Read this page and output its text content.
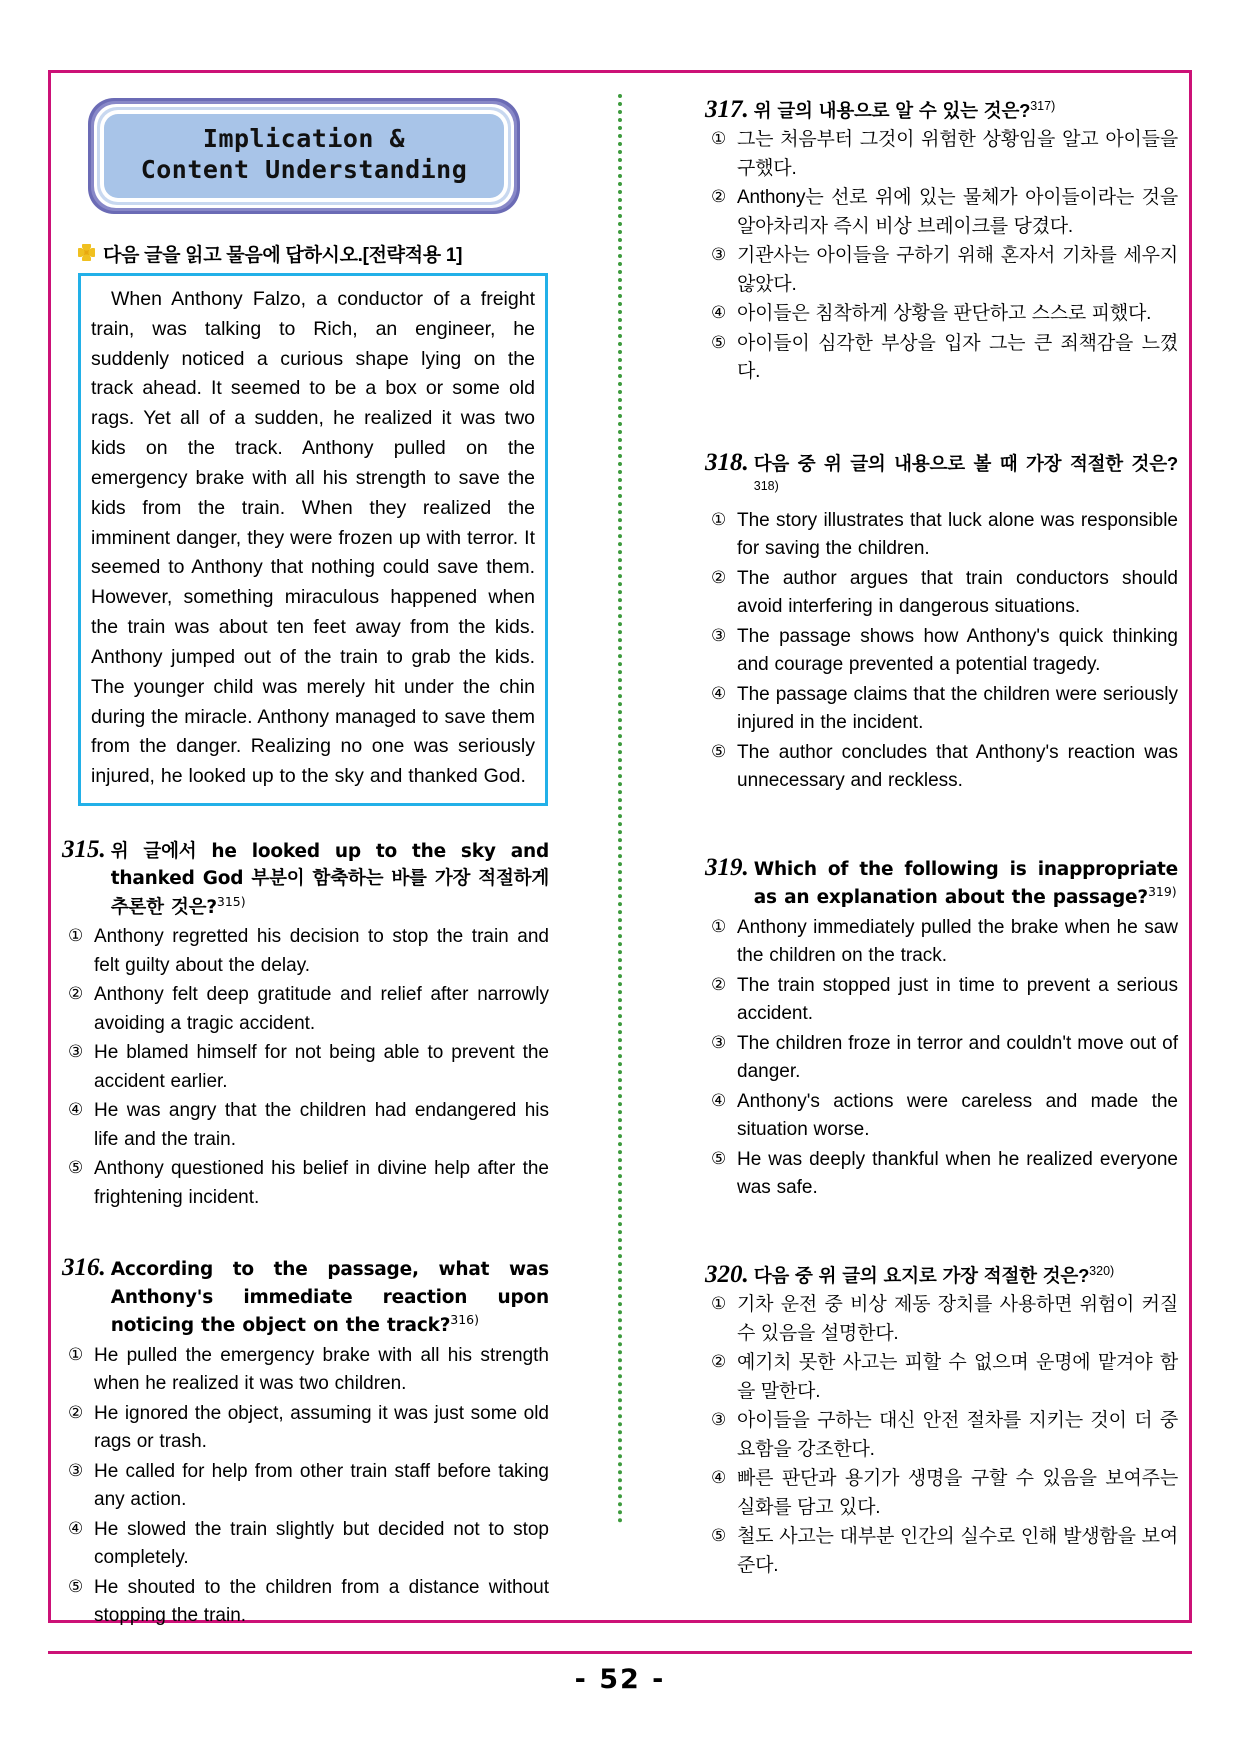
Implication &
Content Understanding
다음 글을 읽고 물음에 답하시오.[전략적용 1]
When Anthony Falzo, a conductor of a freight train, was talking to Rich, an engineer, he suddenly noticed a curious shape lying on the track ahead. It seemed to be a box or some old rags. Yet all of a sudden, he realized it was two kids on the track. Anthony pulled on the emergency brake with all his strength to save the kids from the train. When they realized the imminent danger, they were frozen up with terror. It seemed to Anthony that nothing could save them. However, something miraculous happened when the train was about ten feet away from the kids. Anthony jumped out of the train to grab the kids. The younger child was merely hit under the chin during the miracle. Anthony managed to save them from the danger. Realizing no one was seriously injured, he looked up to the sky and thanked God.
315. 위 글에서 he looked up to the sky and thanked God 부분이 함축하는 바를 가장 적절하게 추론한 것은?$^{315)}$
① Anthony regretted his decision to stop the train and felt guilty about the delay.
② Anthony felt deep gratitude and relief after narrowly avoiding a tragic accident.
③ He blamed himself for not being able to prevent the accident earlier.
④ He was angry that the children had endangered his life and the train.
⑤ Anthony questioned his belief in divine help after the frightening incident.
316. According to the passage, what was Anthony's immediate reaction upon noticing the object on the track?$^{316)}$
① He pulled the emergency brake with all his strength when he realized it was two children.
② He ignored the object, assuming it was just some old rags or trash.
③ He called for help from other train staff before taking any action.
④ He slowed the train slightly but decided not to stop completely.
⑤ He shouted to the children from a distance without stopping the train.
317. 위 글의 내용으로 알 수 있는 것은?$^{317)}$
① 그는 처음부터 그것이 위험한 상황임을 알고 아이들을 구했다.
② Anthony는 선로 위에 있는 물체가 아이들이라는 것을 알아차리자 즉시 비상 브레이크를 당겼다.
③ 기관사는 아이들을 구하기 위해 혼자서 기차를 세우지 않았다.
④ 아이들은 침착하게 상황을 판단하고 스스로 피했다.
⑤ 아이들이 심각한 부상을 입자 그는 큰 죄책감을 느꼈다.
318. 다음 중 위 글의 내용으로 볼 때 가장 적절한 것은?$^{318)}$
① The story illustrates that luck alone was responsible for saving the children.
② The author argues that train conductors should avoid interfering in dangerous situations.
③ The passage shows how Anthony's quick thinking and courage prevented a potential tragedy.
④ The passage claims that the children were seriously injured in the incident.
⑤ The author concludes that Anthony's reaction was unnecessary and reckless.
319. Which of the following is inappropriate as an explanation about the passage?$^{319)}$
① Anthony immediately pulled the brake when he saw the children on the track.
② The train stopped just in time to prevent a serious accident.
③ The children froze in terror and couldn't move out of danger.
④ Anthony's actions were careless and made the situation worse.
⑤ He was deeply thankful when he realized everyone was safe.
320. 다음 중 위 글의 요지로 가장 적절한 것은?$^{320)}$
① 기차 운전 중 비상 제동 장치를 사용하면 위험이 커질 수 있음을 설명한다.
② 예기치 못한 사고는 피할 수 없으며 운명에 맡겨야 함을 말한다.
③ 아이들을 구하는 대신 안전 절차를 지키는 것이 더 중요함을 강조한다.
④ 빠른 판단과 용기가 생명을 구할 수 있음을 보여주는 실화를 담고 있다.
⑤ 철도 사고는 대부분 인간의 실수로 인해 발생함을 보여준다.
- 52 -
